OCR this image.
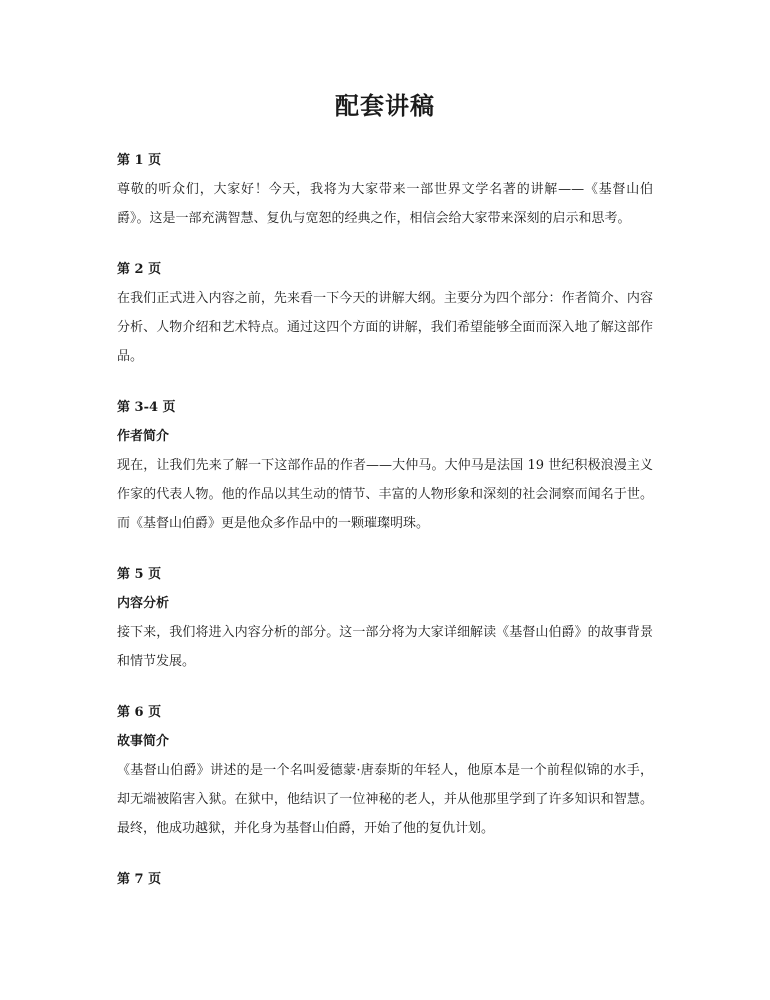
配套讲稿

第 1 页

尊敬的听众们，大家好！今天，我将为大家带来一部世界文学名著的讲解——《基督山伯爵》。这是一部充满智慧、复仇与宽恕的经典之作，相信会给大家带来深刻的启示和思考。

第 2 页

在我们正式进入内容之前，先来看一下今天的讲解大纲。主要分为四个部分：作者简介、内容分析、人物介绍和艺术特点。通过这四个方面的讲解，我们希望能够全面而深入地了解这部作品。

第 3-4 页

作者简介

现在，让我们先来了解一下这部作品的作者——大仲马。大仲马是法国 19 世纪积极浪漫主义作家的代表人物。他的作品以其生动的情节、丰富的人物形象和深刻的社会洞察而闻名于世。而《基督山伯爵》更是他众多作品中的一颗璀璨明珠。

第 5 页

内容分析

接下来，我们将进入内容分析的部分。这一部分将为大家详细解读《基督山伯爵》的故事背景和情节发展。

第 6 页

故事简介

《基督山伯爵》讲述的是一个名叫爱德蒙·唐泰斯的年轻人，他原本是一个前程似锦的水手，却无端被陷害入狱。在狱中，他结识了一位神秘的老人，并从他那里学到了许多知识和智慧。最终，他成功越狱，并化身为基督山伯爵，开始了他的复仇计划。

第 7 页
